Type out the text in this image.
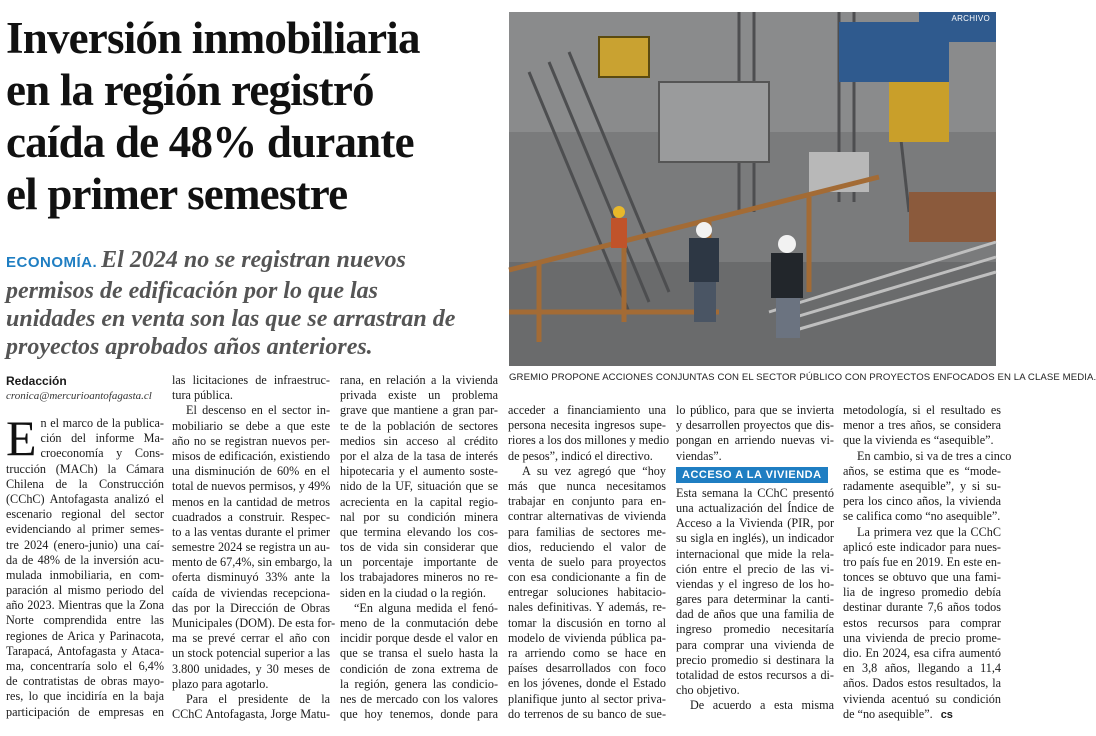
Inversión inmobiliaria
en la región registró
caída de 48% durante
el primer semestre
ECONOMÍA. El 2024 no se registran nuevos
permisos de edificación por lo que las
unidades en venta son las que se arrastran de
proyectos aprobados años anteriores.
ARCHIVO
GREMIO PROPONE ACCIONES CONJUNTAS CON EL SECTOR PÚBLICO CON PROYECTOS ENFOCADOS EN LA CLASE MEDIA.
Redacción
cronica@mercurioantofagasta.cl
E n el marco de la publica-
ción del informe Ma-
croeconomía y Cons-
trucción (MACh) la Cámara
Chilena de la Construcción
(CChC) Antofagasta analizó el
escenario regional del sector
evidenciando al primer semes-
tre 2024 (enero-junio) una caí-
da de 48% de la inversión acu-
mulada inmobiliaria, en com-
paración al mismo periodo del
año 2023. Mientras que la Zona
Norte comprendida entre las
regiones de Arica y Parinacota,
Tarapacá, Antofagasta y Ataca-
ma, concentraría solo el 6,4%
de contratistas de obras mayo-
res, lo que incidiría en la baja
participación de empresas en
las licitaciones de infraestruc-
tura pública.
El descenso en el sector in-
mobiliario se debe a que este
año no se registran nuevos per-
misos de edificación, existiendo
una disminución de 60% en el
total de nuevos permisos, y 49%
menos en la cantidad de metros
cuadrados a construir. Respec-
to a las ventas durante el primer
semestre 2024 se registra un au-
mento de 67,4%, sin embargo, la
oferta disminuyó 33% ante la
caída de viviendas recepciona-
das por la Dirección de Obras
Municipales (DOM). De esta for-
ma se prevé cerrar el año con
un stock potencial superior a las
3.800 unidades, y 30 meses de
plazo para agotarlo.
Para el presidente de la
CChC Antofagasta, Jorge Matu-
rana, en relación a la vivienda
privada existe un problema
grave que mantiene a gran par-
te de la población de sectores
medios sin acceso al crédito
por el alza de la tasa de interés
hipotecaria y el aumento soste-
nido de la UF, situación que se
acrecienta en la capital regio-
nal por su condición minera
que termina elevando los cos-
tos de vida sin considerar que
un porcentaje importante de
los trabajadores mineros no re-
siden en la ciudad o la región.
“En alguna medida el fenó-
meno de la conmutación debe
incidir porque desde el valor en
que se transa el suelo hasta la
condición de zona extrema de
la región, genera las condicio-
nes de mercado con los valores
que hoy tenemos, donde para
acceder a financiamiento una
persona necesita ingresos supe-
riores a los dos millones y medio
de pesos”, indicó el directivo.
A su vez agregó que “hoy
más que nunca necesitamos
trabajar en conjunto para en-
contrar alternativas de vivienda
para familias de sectores me-
dios, reduciendo el valor de
venta de suelo para proyectos
con esa condicionante a fin de
entregar soluciones habitacio-
nales definitivas. Y además, re-
tomar la discusión en torno al
modelo de vivienda pública pa-
ra arriendo como se hace en
países desarrollados con foco
en los jóvenes, donde el Estado
planifique junto al sector priva-
do terrenos de su banco de sue-
lo público, para que se invierta
y desarrollen proyectos que dis-
pongan en arriendo nuevas vi-
viendas”.
ACCESO A LA VIVIENDA
Esta semana la CChC presentó
una actualización del Índice de
Acceso a la Vivienda (PIR, por
su sigla en inglés), un indicador
internacional que mide la rela-
ción entre el precio de las vi-
viendas y el ingreso de los ho-
gares para determinar la canti-
dad de años que una familia de
ingreso promedio necesitaría
para comprar una vivienda de
precio promedio si destinara la
totalidad de estos recursos a di-
cho objetivo.
De acuerdo a esta misma
metodología, si el resultado es
menor a tres años, se considera
que la vivienda es “asequible”.
En cambio, si va de tres a cinco
años, se estima que es “mode-
radamente asequible”, y si su-
pera los cinco años, la vivienda
se califica como “no asequible”.
La primera vez que la CChC
aplicó este indicador para nues-
tro país fue en 2019. En este en-
tonces se obtuvo que una fami-
lia de ingreso promedio debía
destinar durante 7,6 años todos
estos recursos para comprar
una vivienda de precio prome-
dio. En 2024, esa cifra aumentó
en 3,8 años, llegando a 11,4
años. Dados estos resultados, la
vivienda acentuó su condición
de “no asequible”. cs
